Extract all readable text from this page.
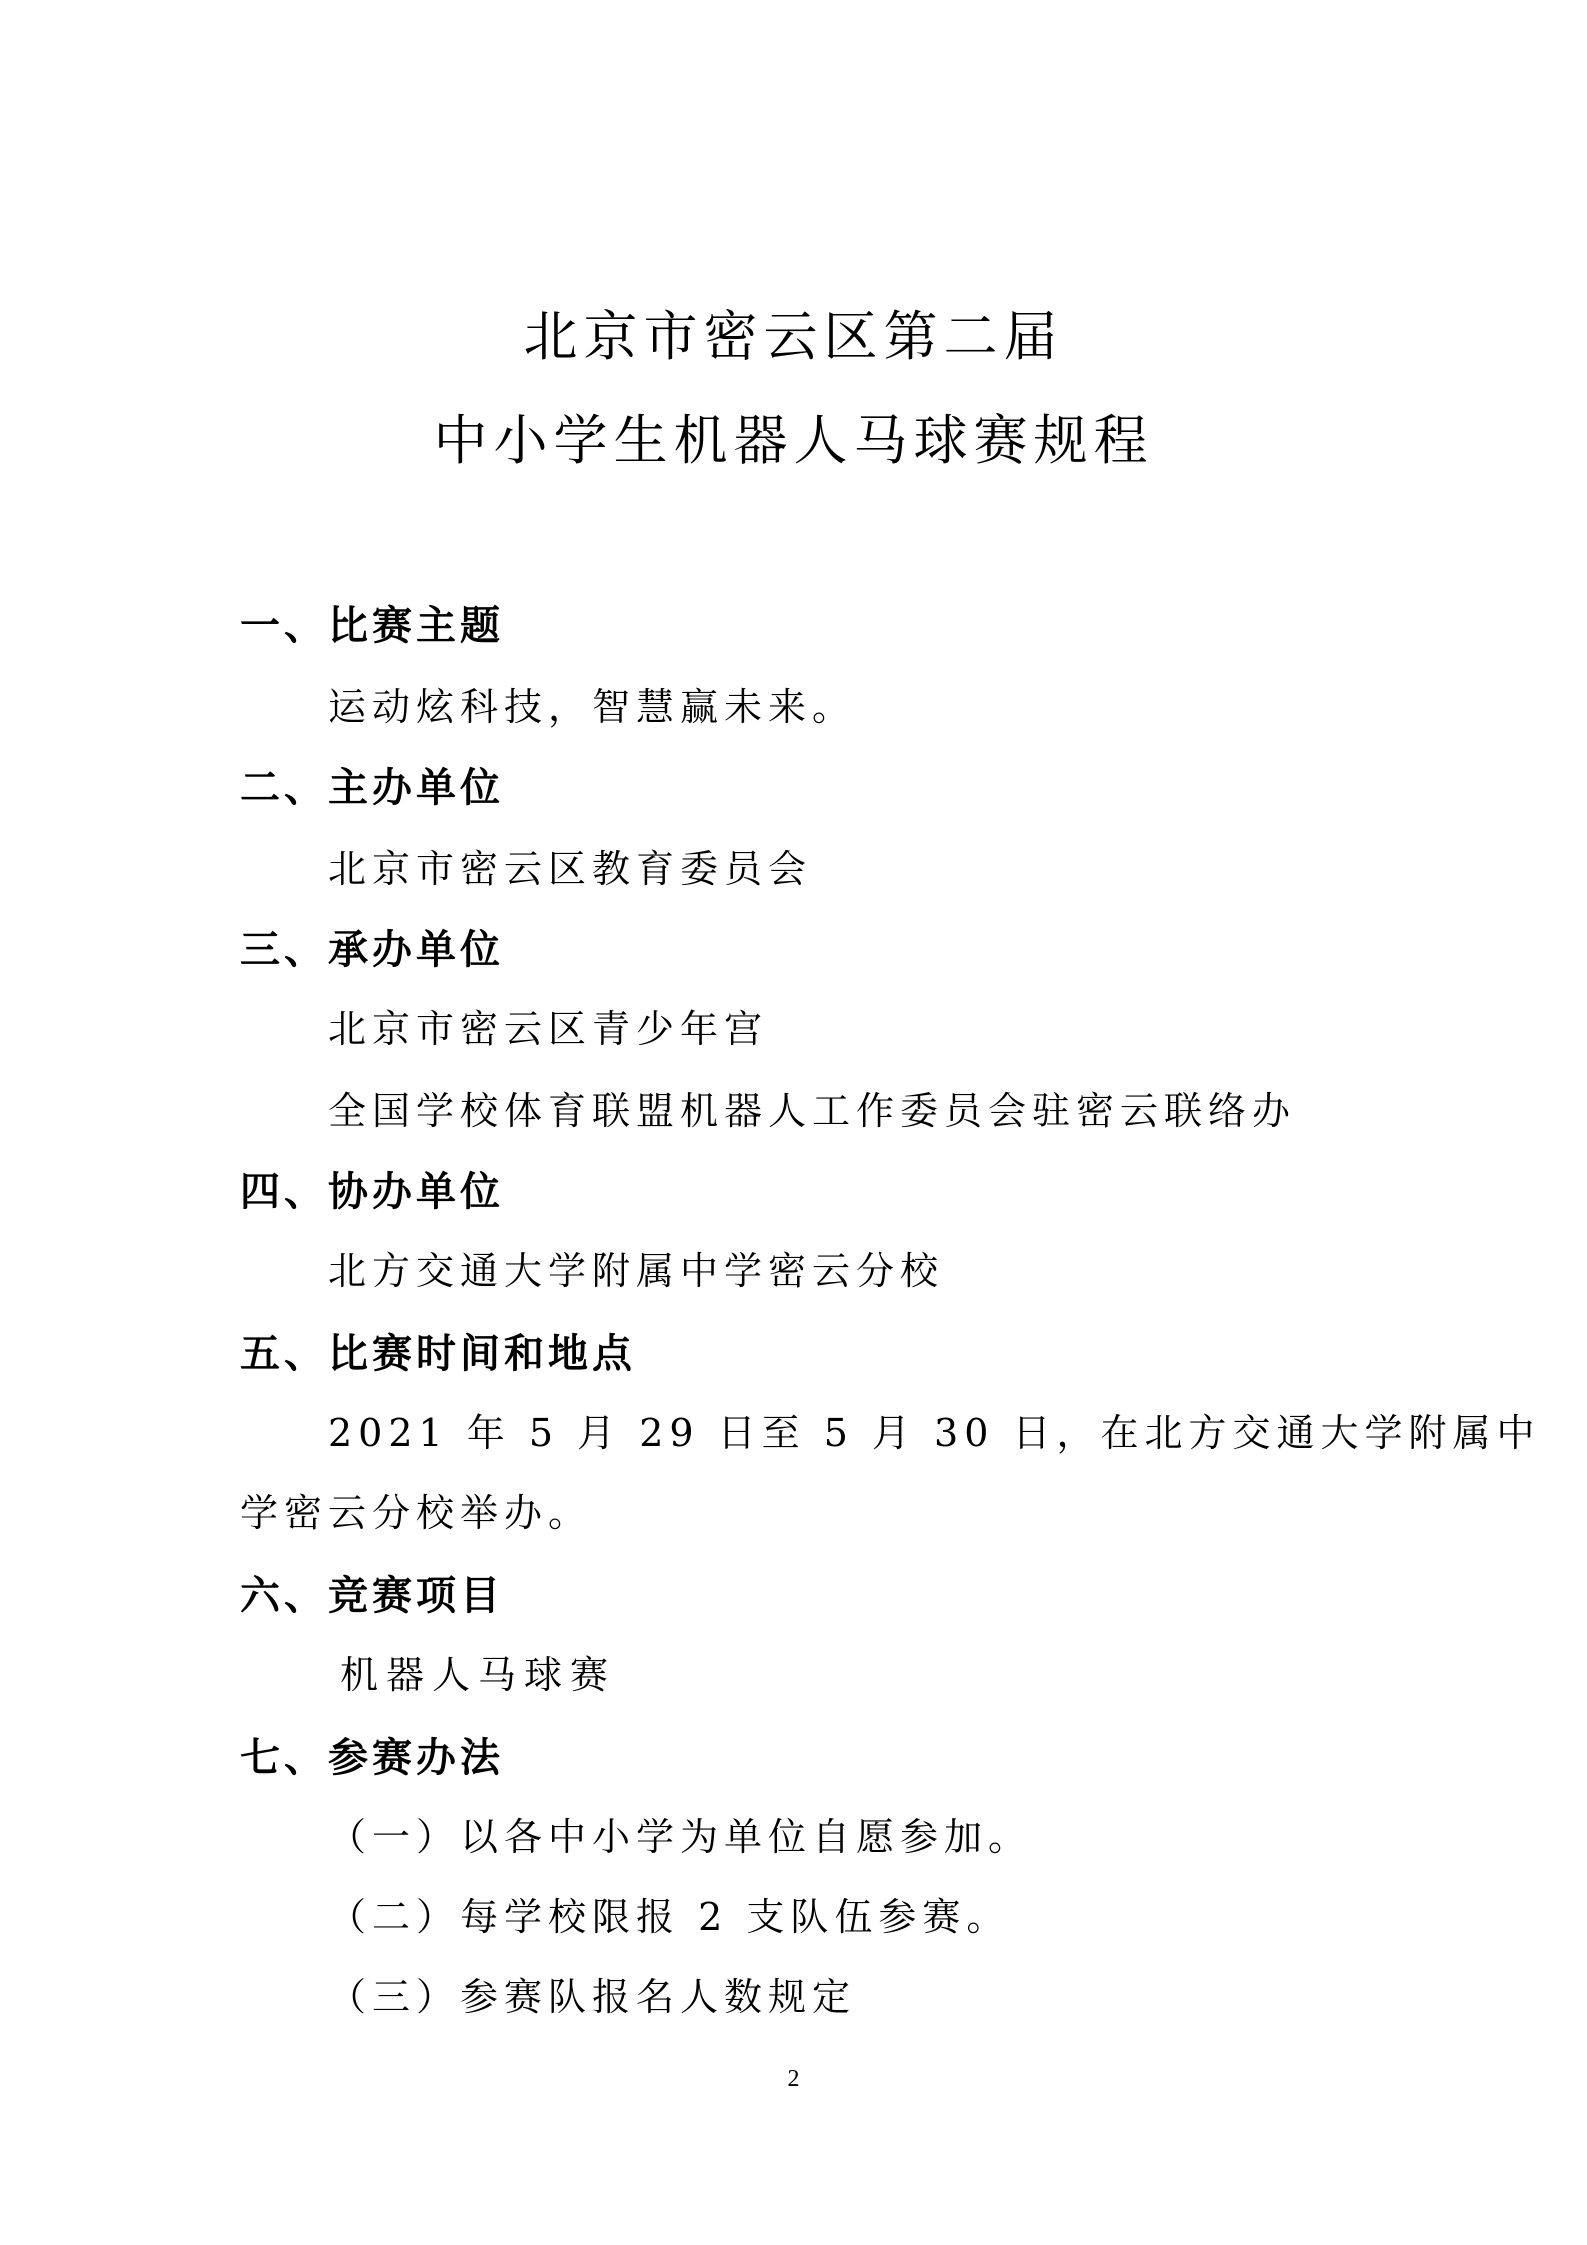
北京市密云区第二届
中小学生机器人马球赛规程
一、比赛主题
运动炫科技，智慧赢未来。
二、主办单位
北京市密云区教育委员会
三、承办单位
北京市密云区青少年宫
全国学校体育联盟机器人工作委员会驻密云联络办
四、协办单位
北方交通大学附属中学密云分校
五、比赛时间和地点
2021 年 5 月 29 日至 5 月 30 日，在北方交通大学附属中
学密云分校举办。
六、竞赛项目
机器人马球赛
七、参赛办法
（一）以各中小学为单位自愿参加。
（二）每学校限报 2 支队伍参赛。
（三）参赛队报名人数规定
2
